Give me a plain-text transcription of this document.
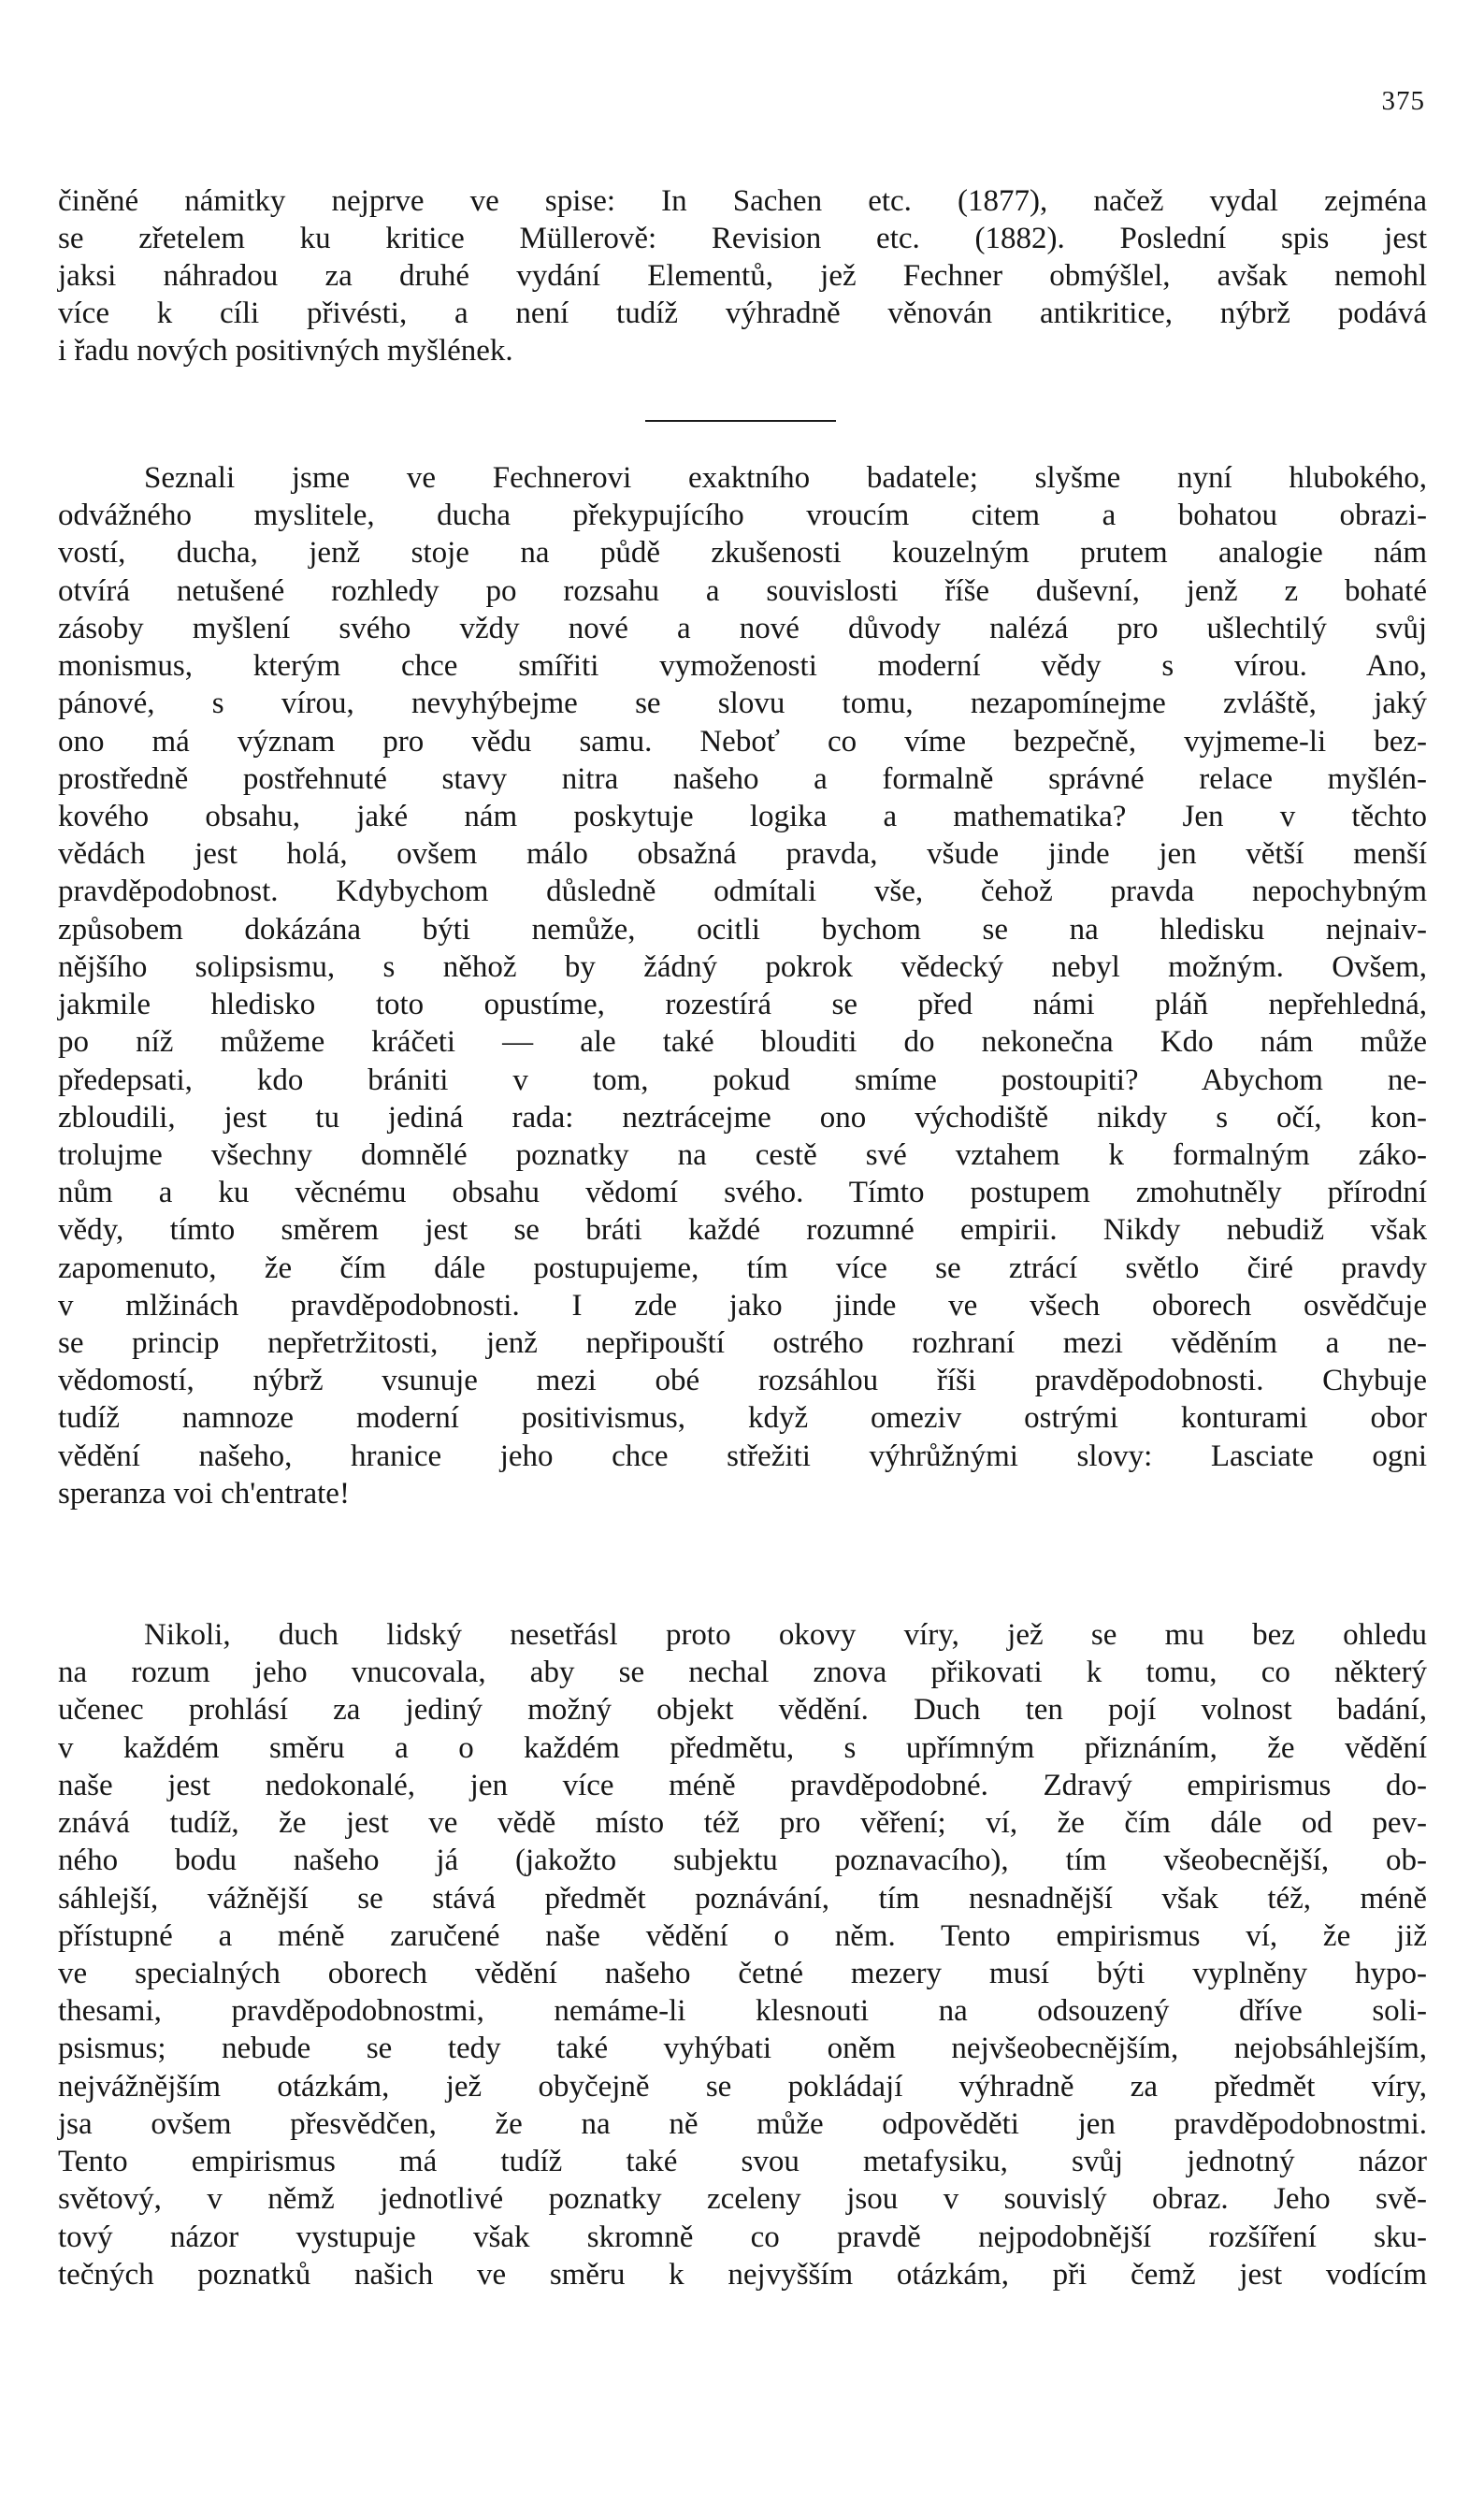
375
činěné námitky nejprve ve spise: In Sachen etc. (1877), načež vydal zejména
se zřetelem ku kritice Müllerově: Revision etc. (1882). Poslední spis jest
jaksi náhradou za druhé vydání Elementů, jež Fechner obmýšlel, avšak nemohl
více k cíli přivésti, a není tudíž výhradně věnován antikritice, nýbrž podává
i řadu nových positivných myšlének.
Seznali jsme ve Fechnerovi exaktního badatele; slyšme nyní hlubokého,
odvážného myslitele, ducha překypujícího vroucím citem a bohatou obrazi-
vostí, ducha, jenž stoje na půdě zkušenosti kouzelným prutem analogie nám
otvírá netušené rozhledy po rozsahu a souvislosti říše duševní, jenž z bohaté
zásoby myšlení svého vždy nové a nové důvody nalézá pro ušlechtilý svůj
monismus, kterým chce smířiti vymoženosti moderní vědy s vírou. Ano,
pánové, s vírou, nevyhýbejme se slovu tomu, nezapomínejme zvláště, jaký
ono má význam pro vědu samu. Neboť co víme bezpečně, vyjmeme-li bez-
prostředně postřehnuté stavy nitra našeho a formalně správné relace myšlén-
kového obsahu, jaké nám poskytuje logika a mathematika? Jen v těchto
vědách jest holá, ovšem málo obsažná pravda, všude jinde jen větší menší
pravděpodobnost. Kdybychom důsledně odmítali vše, čehož pravda nepochybným
způsobem dokázána býti nemůže, ocitli bychom se na hledisku nejnaiv-
nějšího solipsismu, s něhož by žádný pokrok vědecký nebyl možným. Ovšem,
jakmile hledisko toto opustíme, rozestírá se před námi pláň nepřehledná,
po níž můžeme kráčeti — ale také blouditi do nekonečna Kdo nám může
předepsati, kdo brániti v tom, pokud smíme postoupiti? Abychom ne-
zbloudili, jest tu jediná rada: neztrácejme ono východiště nikdy s očí, kon-
trolujme všechny domnělé poznatky na cestě své vztahem k formalným záko-
nům a ku věcnému obsahu vědomí svého. Tímto postupem zmohutněly přírodní
vědy, tímto směrem jest se bráti každé rozumné empirii. Nikdy nebudiž však
zapomenuto, že čím dále postupujeme, tím více se ztrácí světlo čiré pravdy
v mlžinách pravděpodobnosti. I zde jako jinde ve všech oborech osvědčuje
se princip nepřetržitosti, jenž nepřipouští ostrého rozhraní mezi věděním a ne-
vědomostí, nýbrž vsunuje mezi obé rozsáhlou říši pravděpodobnosti. Chybuje
tudíž namnoze moderní positivismus, když omeziv ostrými konturami obor
vědění našeho, hranice jeho chce střežiti výhrůžnými slovy: Lasciate ogni
speranza voi ch'entrate!
Nikoli, duch lidský nesetřásl proto okovy víry, jež se mu bez ohledu
na rozum jeho vnucovala, aby se nechal znova přikovati k tomu, co některý
učenec prohlásí za jediný možný objekt vědění. Duch ten pojí volnost badání,
v každém směru a o každém předmětu, s upřímným přiznáním, že vědění
naše jest nedokonalé, jen více méně pravděpodobné. Zdravý empirismus do-
znává tudíž, že jest ve vědě místo též pro věření; ví, že čím dále od pev-
ného bodu našeho já (jakožto subjektu poznavacího), tím všeobecnější, ob-
sáhlejší, vážnější se stává předmět poznávání, tím nesnadnější však též, méně
přístupné a méně zaručené naše vědění o něm. Tento empirismus ví, že již
ve specialných oborech vědění našeho četné mezery musí býti vyplněny hypo-
thesami, pravděpodobnostmi, nemáme-li klesnouti na odsouzený dříve soli-
psismus; nebude se tedy také vyhýbati oněm nejvšeobecnějším, nejobsáhlejším,
nejvážnějším otázkám, jež obyčejně se pokládají výhradně za předmět víry,
jsa ovšem přesvědčen, že na ně může odpověděti jen pravděpodobnostmi.
Tento empirismus má tudíž také svou metafysiku, svůj jednotný názor
světový, v němž jednotlivé poznatky zceleny jsou v souvislý obraz. Jeho svě-
tový názor vystupuje však skromně co pravdě nejpodobnější rozšíření sku-
tečných poznatků našich ve směru k nejvyšším otázkám, při čemž jest vodícím
